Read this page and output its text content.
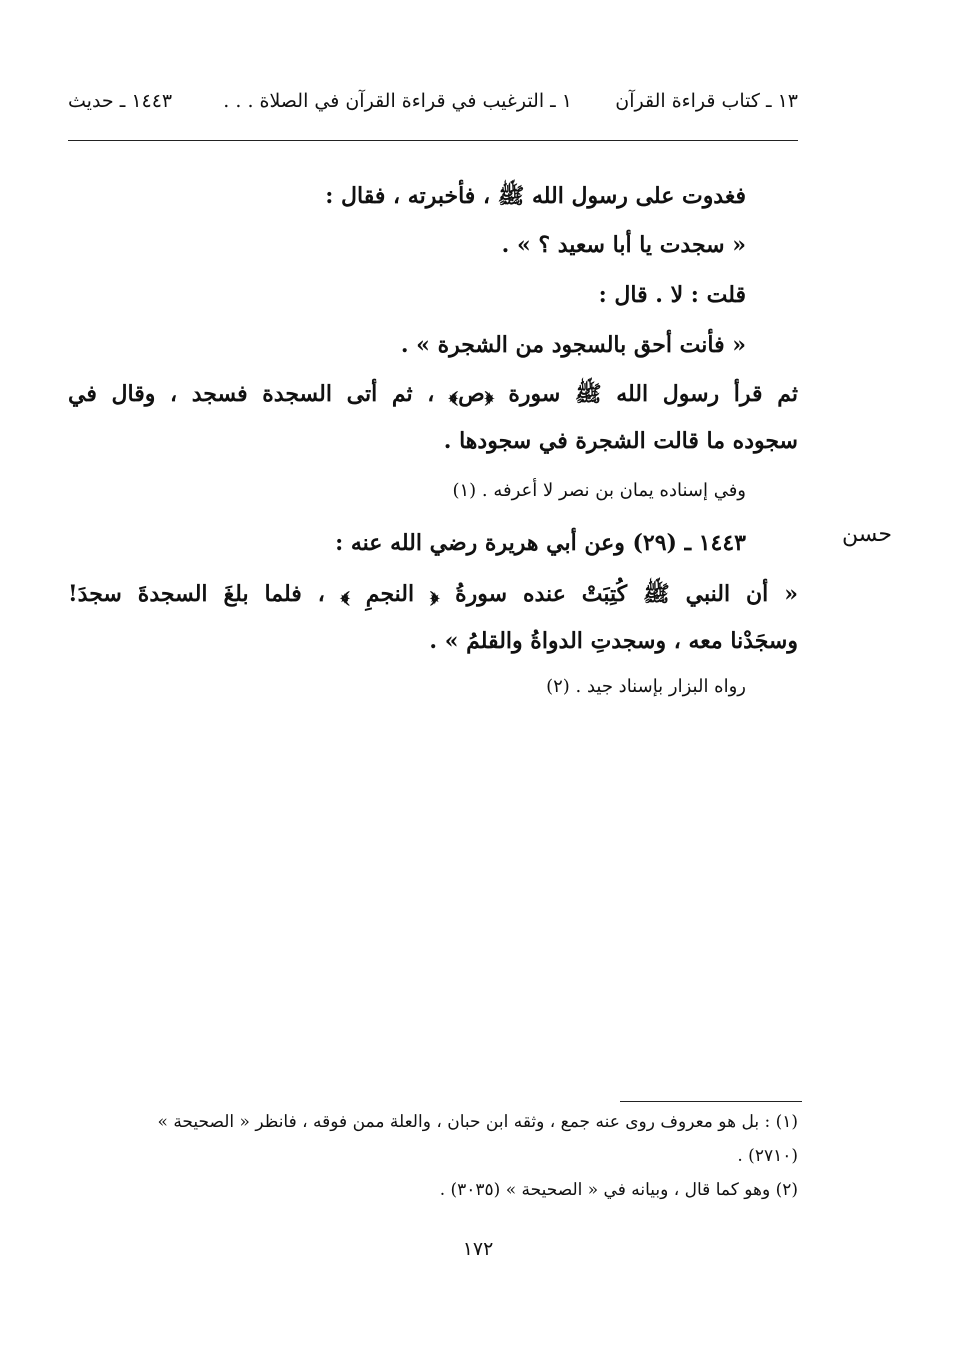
١٣ ـ كتاب قراءة القرآن
١ ـ الترغيب في قراءة القرآن في الصلاة . . .
١٤٤٣ ـ حديث
فغدوت على رسول الله ﷺ ، فأخبرته ، فقال :
« سجدت يا أبا سعيد ؟ » .
قلت : لا . قال :
« فأنت أحق بالسجود من الشجرة » .
ثم قرأ رسول الله ﷺ سورة ﴿ص﴾ ، ثم أتى السجدة فسجد ، وقال في
سجوده ما قالت الشجرة في سجودها .
وفي إسناده يمان بن نصر لا أعرفه . (١)
١٤٤٣ ـ (٢٩) وعن أبي هريرة رضي الله عنه :
« أن النبي ﷺ كُتِبَتْ عنده سورةُ ﴿ النجمِ ﴾ ، فلما بلغَ السجدةَ سجدَ!
وسجَدْنا معه ، وسجدتِ الدواةُ والقلمُ » .
رواه البزار بإسناد جيد . (٢)
حسن
(١) : بل هو معروف روى عنه جمع ، وثقه ابن حبان ، والعلة ممن فوقه ، فانظر « الصحيحة »
(٢٧١٠) .
(٢) وهو كما قال ، وبيانه في « الصحيحة » (٣٠٣٥) .
١٧٢
